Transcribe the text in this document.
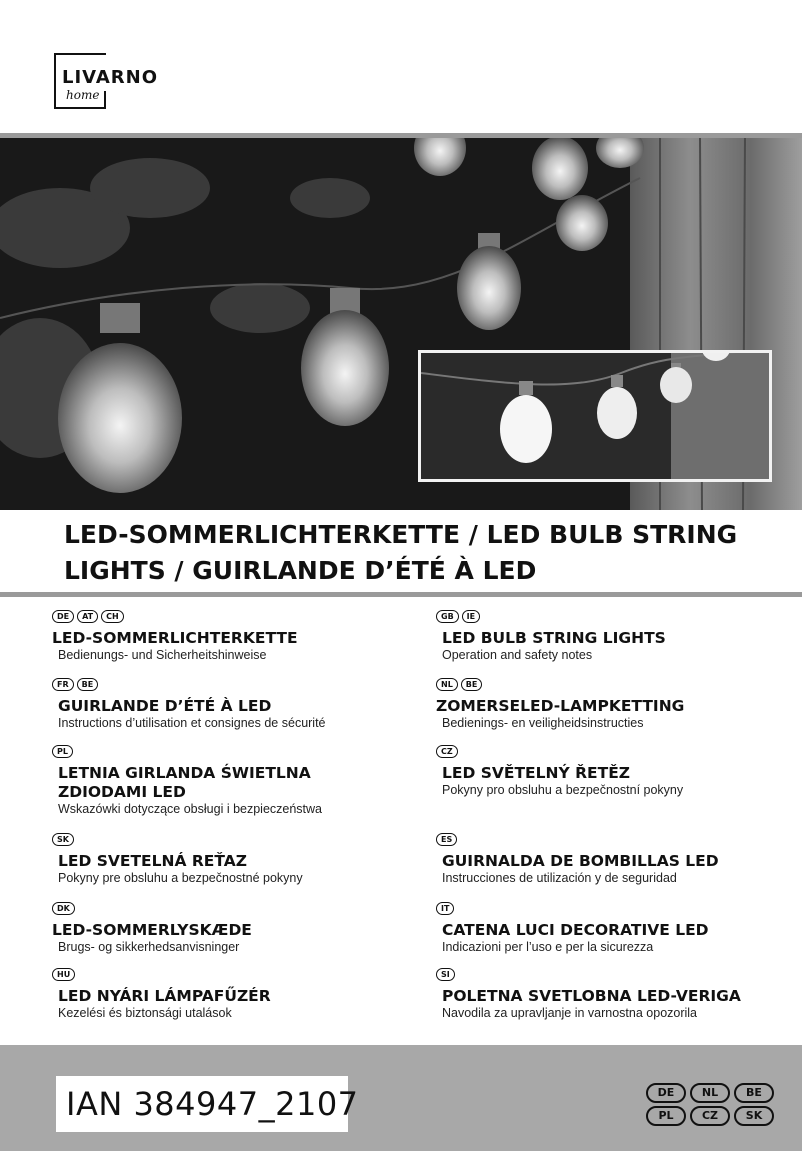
LIVARNO
home
LED-SOMMERLICHTERKETTE / LED BULB STRING LIGHTS / GUIRLANDE D’ÉTÉ À LED
DE	AT	CH
LED-SOMMERLICHTERKETTE
Bedienungs- und Sicherheitshinweise
FR	BE
GUIRLANDE D’ÉTÉ À LED
Instructions d’utilisation et consignes de sécurité
PL
LETNIA GIRLANDA ŚWIETLNA ZDIODAMI LED
Wskazówki dotyczące obsługi i bezpieczeństwa
SK
LED SVETELNÁ REŤAZ
Pokyny pre obsluhu a bezpečnostné pokyny
DK
LED-SOMMERLYSKÆDE
Brugs- og sikkerhedsanvisninger
HU
LED NYÁRI LÁMPAFŰZÉR
Kezelési és biztonsági utalások
GB	IE
LED BULB STRING LIGHTS
Operation and safety notes
NL	BE
ZOMERSELED-LAMPKETTING
Bedienings- en veiligheidsinstructies
CZ
LED SVĚTELNÝ ŘETĚZ
Pokyny pro obsluhu a bezpečnostní pokyny
ES
GUIRNALDA DE BOMBILLAS LED
Instrucciones de utilización y de seguridad
IT
CATENA LUCI DECORATIVE LED
Indicazioni per l’uso e per la sicurezza
SI
POLETNA SVETLOBNA LED-VERIGA
Navodila za upravljanje in varnostna opozorila
IAN 384947_2107	DE	NL	BE
PL	CZ	SK
